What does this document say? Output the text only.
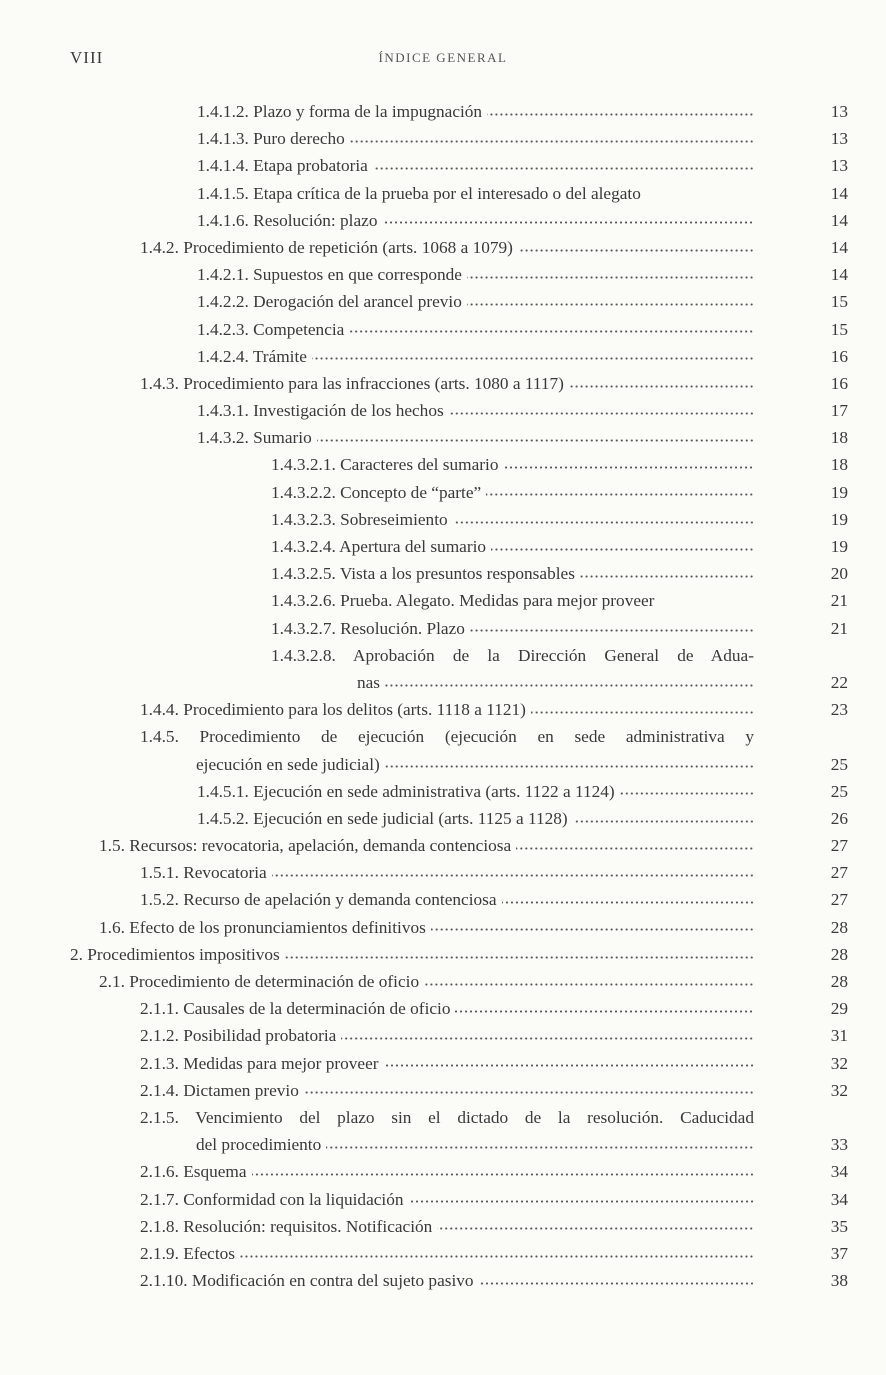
VIII	ÍNDICE GENERAL
1.4.1.2. Plazo y forma de la impugnación	13
1.4.1.3. Puro derecho	13
1.4.1.4. Etapa probatoria	13
1.4.1.5. Etapa crítica de la prueba por el interesado o del alegato	14
1.4.1.6. Resolución: plazo	14
1.4.2. Procedimiento de repetición (arts. 1068 a 1079)	14
1.4.2.1. Supuestos en que corresponde	14
1.4.2.2. Derogación del arancel previo	15
1.4.2.3. Competencia	15
1.4.2.4. Trámite	16
1.4.3. Procedimiento para las infracciones (arts. 1080 a 1117)	16
1.4.3.1. Investigación de los hechos	17
1.4.3.2. Sumario	18
1.4.3.2.1. Caracteres del sumario	18
1.4.3.2.2. Concepto de “parte”	19
1.4.3.2.3. Sobreseimiento	19
1.4.3.2.4. Apertura del sumario	19
1.4.3.2.5. Vista a los presuntos responsables	20
1.4.3.2.6. Prueba. Alegato. Medidas para mejor proveer	21
1.4.3.2.7. Resolución. Plazo	21
1.4.3.2.8. Aprobación de la Dirección General de Adua-
nas	22
1.4.4. Procedimiento para los delitos (arts. 1118 a 1121)	23
1.4.5. Procedimiento de ejecución (ejecución en sede administrativa y
ejecución en sede judicial)	25
1.4.5.1. Ejecución en sede administrativa (arts. 1122 a 1124)	25
1.4.5.2. Ejecución en sede judicial (arts. 1125 a 1128)	26
1.5. Recursos: revocatoria, apelación, demanda contenciosa	27
1.5.1. Revocatoria	27
1.5.2. Recurso de apelación y demanda contenciosa	27
1.6. Efecto de los pronunciamientos definitivos	28
2. Procedimientos impositivos	28
2.1. Procedimiento de determinación de oficio	28
2.1.1. Causales de la determinación de oficio	29
2.1.2. Posibilidad probatoria	31
2.1.3. Medidas para mejor proveer	32
2.1.4. Dictamen previo	32
2.1.5. Vencimiento del plazo sin el dictado de la resolución. Caducidad
del procedimiento	33
2.1.6. Esquema	34
2.1.7. Conformidad con la liquidación	34
2.1.8. Resolución: requisitos. Notificación	35
2.1.9. Efectos	37
2.1.10. Modificación en contra del sujeto pasivo	38
